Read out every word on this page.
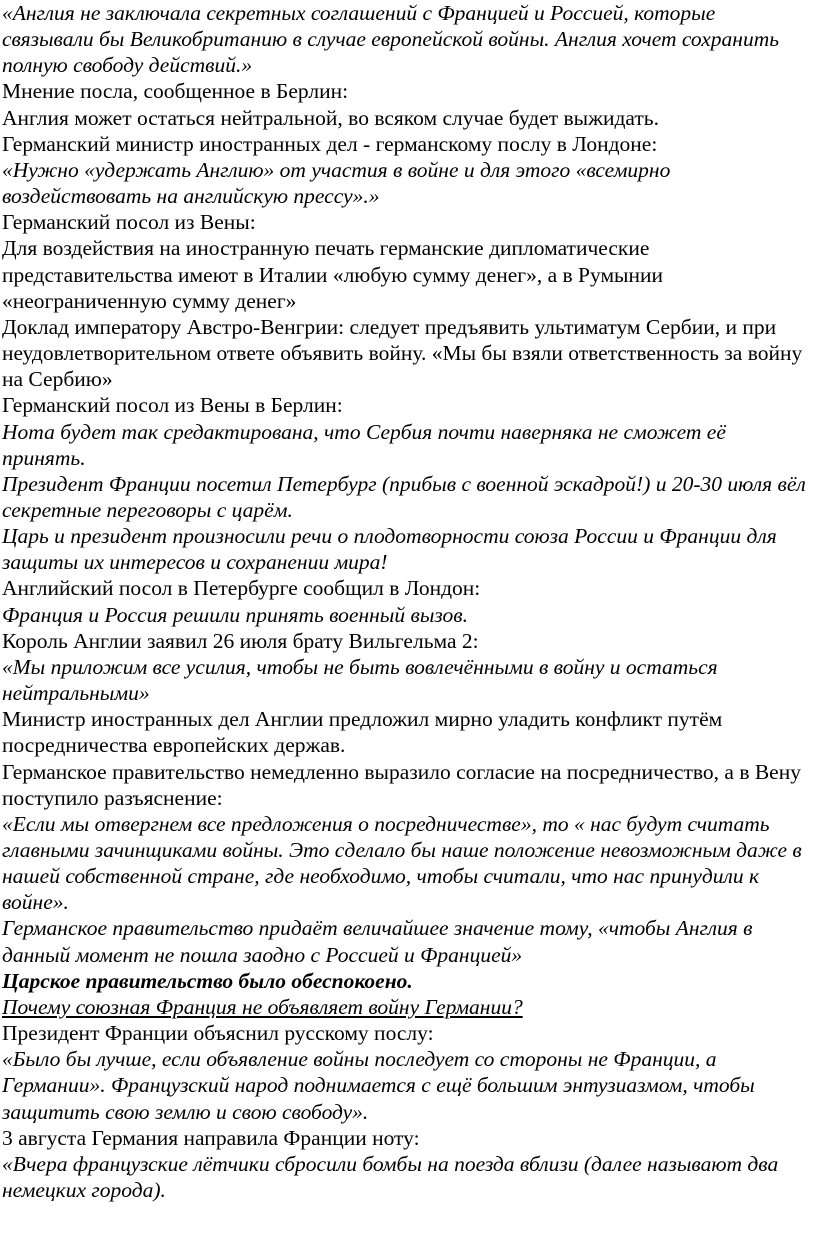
«Англия не заключала секретных соглашений с Францией и Россией, которые связывали бы Великобританию в случае европейской войны. Англия хочет сохранить полную свободу действий.»

Мнение посла, сообщенное в Берлин:

Англия может остаться нейтральной, во всяком случае будет выжидать.

Германский министр иностранных дел - германскому послу в Лондоне:

«Нужно «удержать Англию» от участия в войне и для этого «всемирно воздействовать на английскую прессу».»

Германский посол из Вены:

Для воздействия на иностранную печать германские дипломатические представительства имеют в Италии «любую сумму денег», а в Румынии «неограниченную сумму денег»

Доклад императору Австро-Венгрии: следует предъявить ультиматум Сербии, и при неудовлетворительном ответе объявить войну. «Мы бы взяли ответственность за войну на Сербию»

Германский посол из Вены в Берлин:

Нота будет так средактирована, что Сербия почти наверняка не сможет её принять.

Президент Франции посетил Петербург (прибыв с военной эскадрой!) и 20-30 июля вёл секретные переговоры с царём.

Царь и президент произносили речи о плодотворности союза России и Франции для защиты их интересов и сохранении мира!

Английский посол в Петербурге сообщил в Лондон:

Франция и Россия решили принять военный вызов.

Король Англии заявил 26 июля брату Вильгельма 2:

«Мы приложим все усилия, чтобы не быть вовлечёнными в войну и остаться нейтральными»

Министр иностранных дел Англии предложил мирно уладить конфликт путём посредничества европейских держав.

Германское правительство немедленно выразило согласие на посредничество, а в Вену поступило разъяснение:

«Если мы отвергнем все предложения о посредничестве», то « нас будут считать главными зачинщиками войны. Это сделало бы наше положение невозможным даже в нашей собственной стране, где необходимо, чтобы считали, что нас принудили к войне».

Германское правительство придаёт величайшее значение тому, «чтобы Англия в данный момент не пошла заодно с Россией и Францией»

Царское правительство было обеспокоено.

Почему союзная Франция не объявляет войну Германии?

Президент Франции объяснил русскому послу:

«Было бы лучше, если объявление войны последует со стороны не Франции, а Германии». Французский народ поднимается с ещё большим энтузиазмом, чтобы защитить свою землю и свою свободу».

3 августа Германия направила Франции ноту:

«Вчера французские лётчики сбросили бомбы на поезда вблизи (далее называют два немецких города).
